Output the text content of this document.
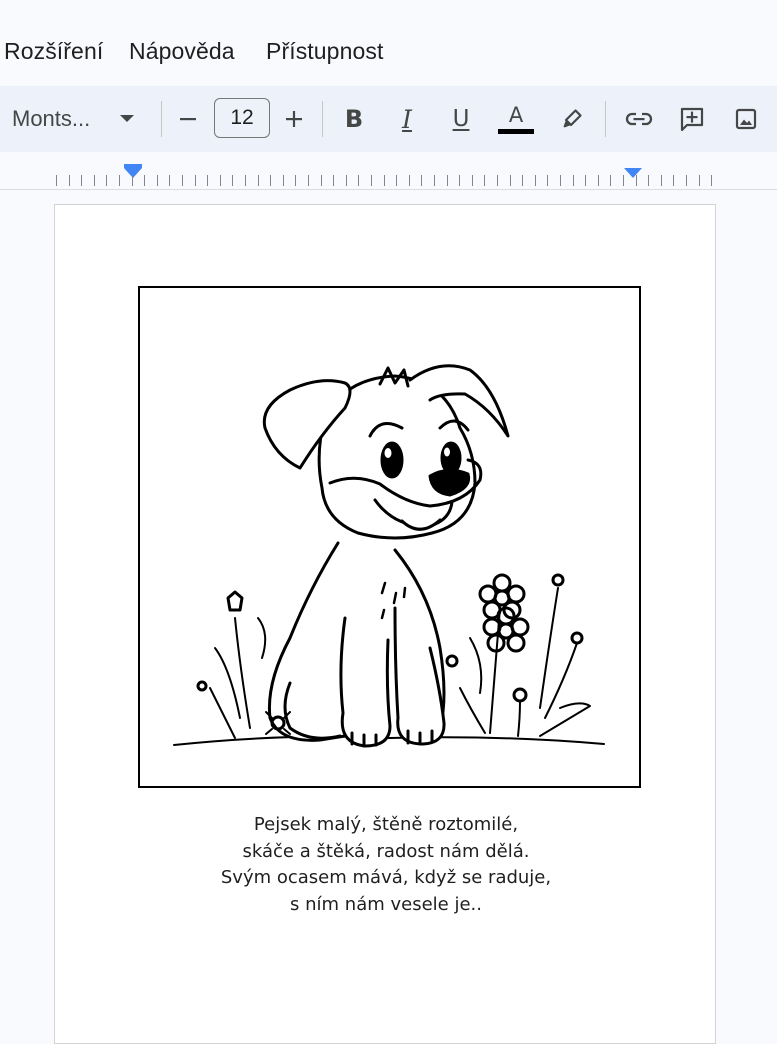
Rozšíření Nápověda Přístupnost
Monts...	B I U A
12
Pejsek malý, štěně roztomilé,
skáče a štěká, radost nám dělá.
Svým ocasem mává, když se raduje,
s ním nám vesele je..
